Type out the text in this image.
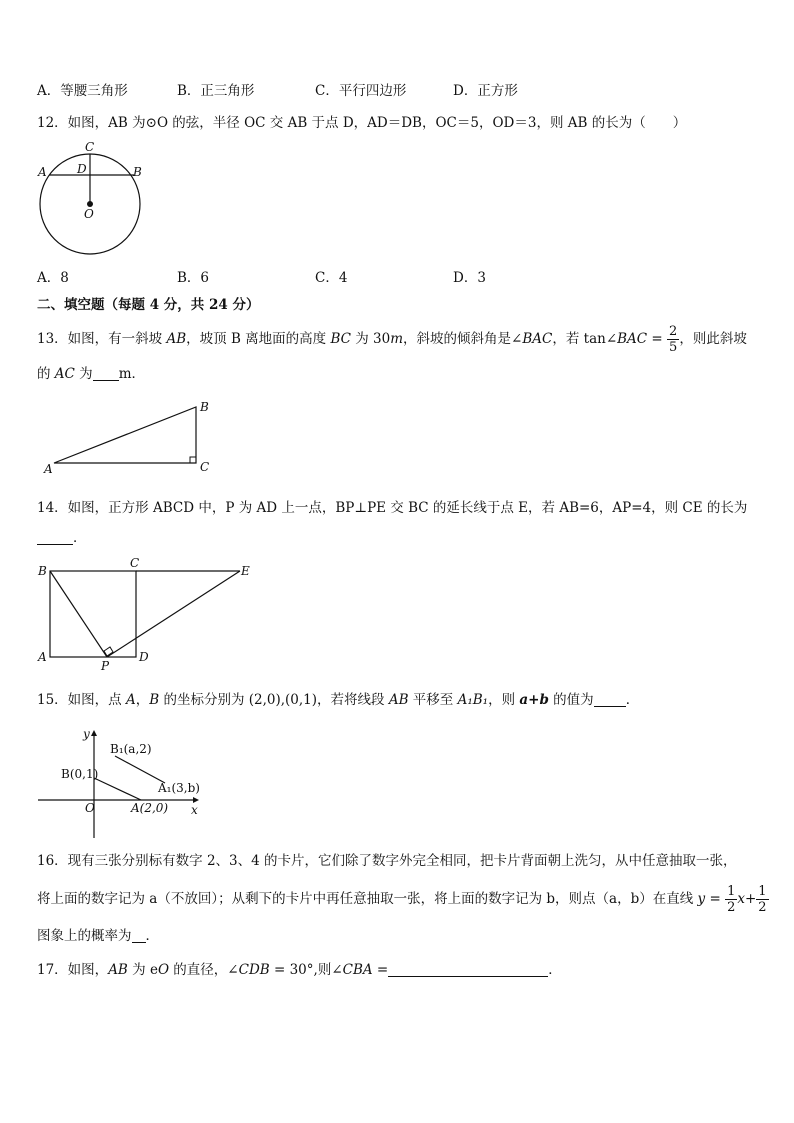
A．等腰三角形	B．正三角形	C．平行四边形	D．正方形
12．如图，AB 为⊙O 的弦，半径 OC 交 AB 于点 D，AD＝DB，OC＝5，OD＝3，则 AB 的长为（　　）
C
A	D	B
O
A．8	B．6	C．4	D．3
二、填空题（每题 4 分，共 24 分）
13．如图，有一斜坡 AB，坡顶 B 离地面的高度 BC 为 30m，斜坡的倾斜角是∠BAC，若 tan∠BAC = $\frac{2}{5}$ ，则此斜坡
的 AC 为 m．
A
B
C
14．如图，正方形 ABCD 中，P 为 AD 上一点，BP⊥PE 交 BC 的延长线于点 E，若 AB=6，AP=4，则 CE 的长为
．
B
C
E
A
P
D
15．如图，点 A，B 的坐标分别为 (2,0),(0,1)，若将线段 AB 平移至 A₁B₁，则 a+b 的值为 ．
y
x
O
B(0,1)
A(2,0)
B₁(a,2)
A₁(3,b)
16．现有三张分别标有数字 2、3、4 的卡片，它们除了数字外完全相同，把卡片背面朝上洗匀，从中任意抽取一张，
将上面的数字记为 a（不放回）；从剩下的卡片中再任意抽取一张，将上面的数字记为 b，则点（a，b）在直线 $y = \frac{1}{2} x+ \frac{1}{2}$
图象上的概率为 ．
17．如图，AB 为 eO 的直径，∠CDB = 30°,则∠CBA =	．
